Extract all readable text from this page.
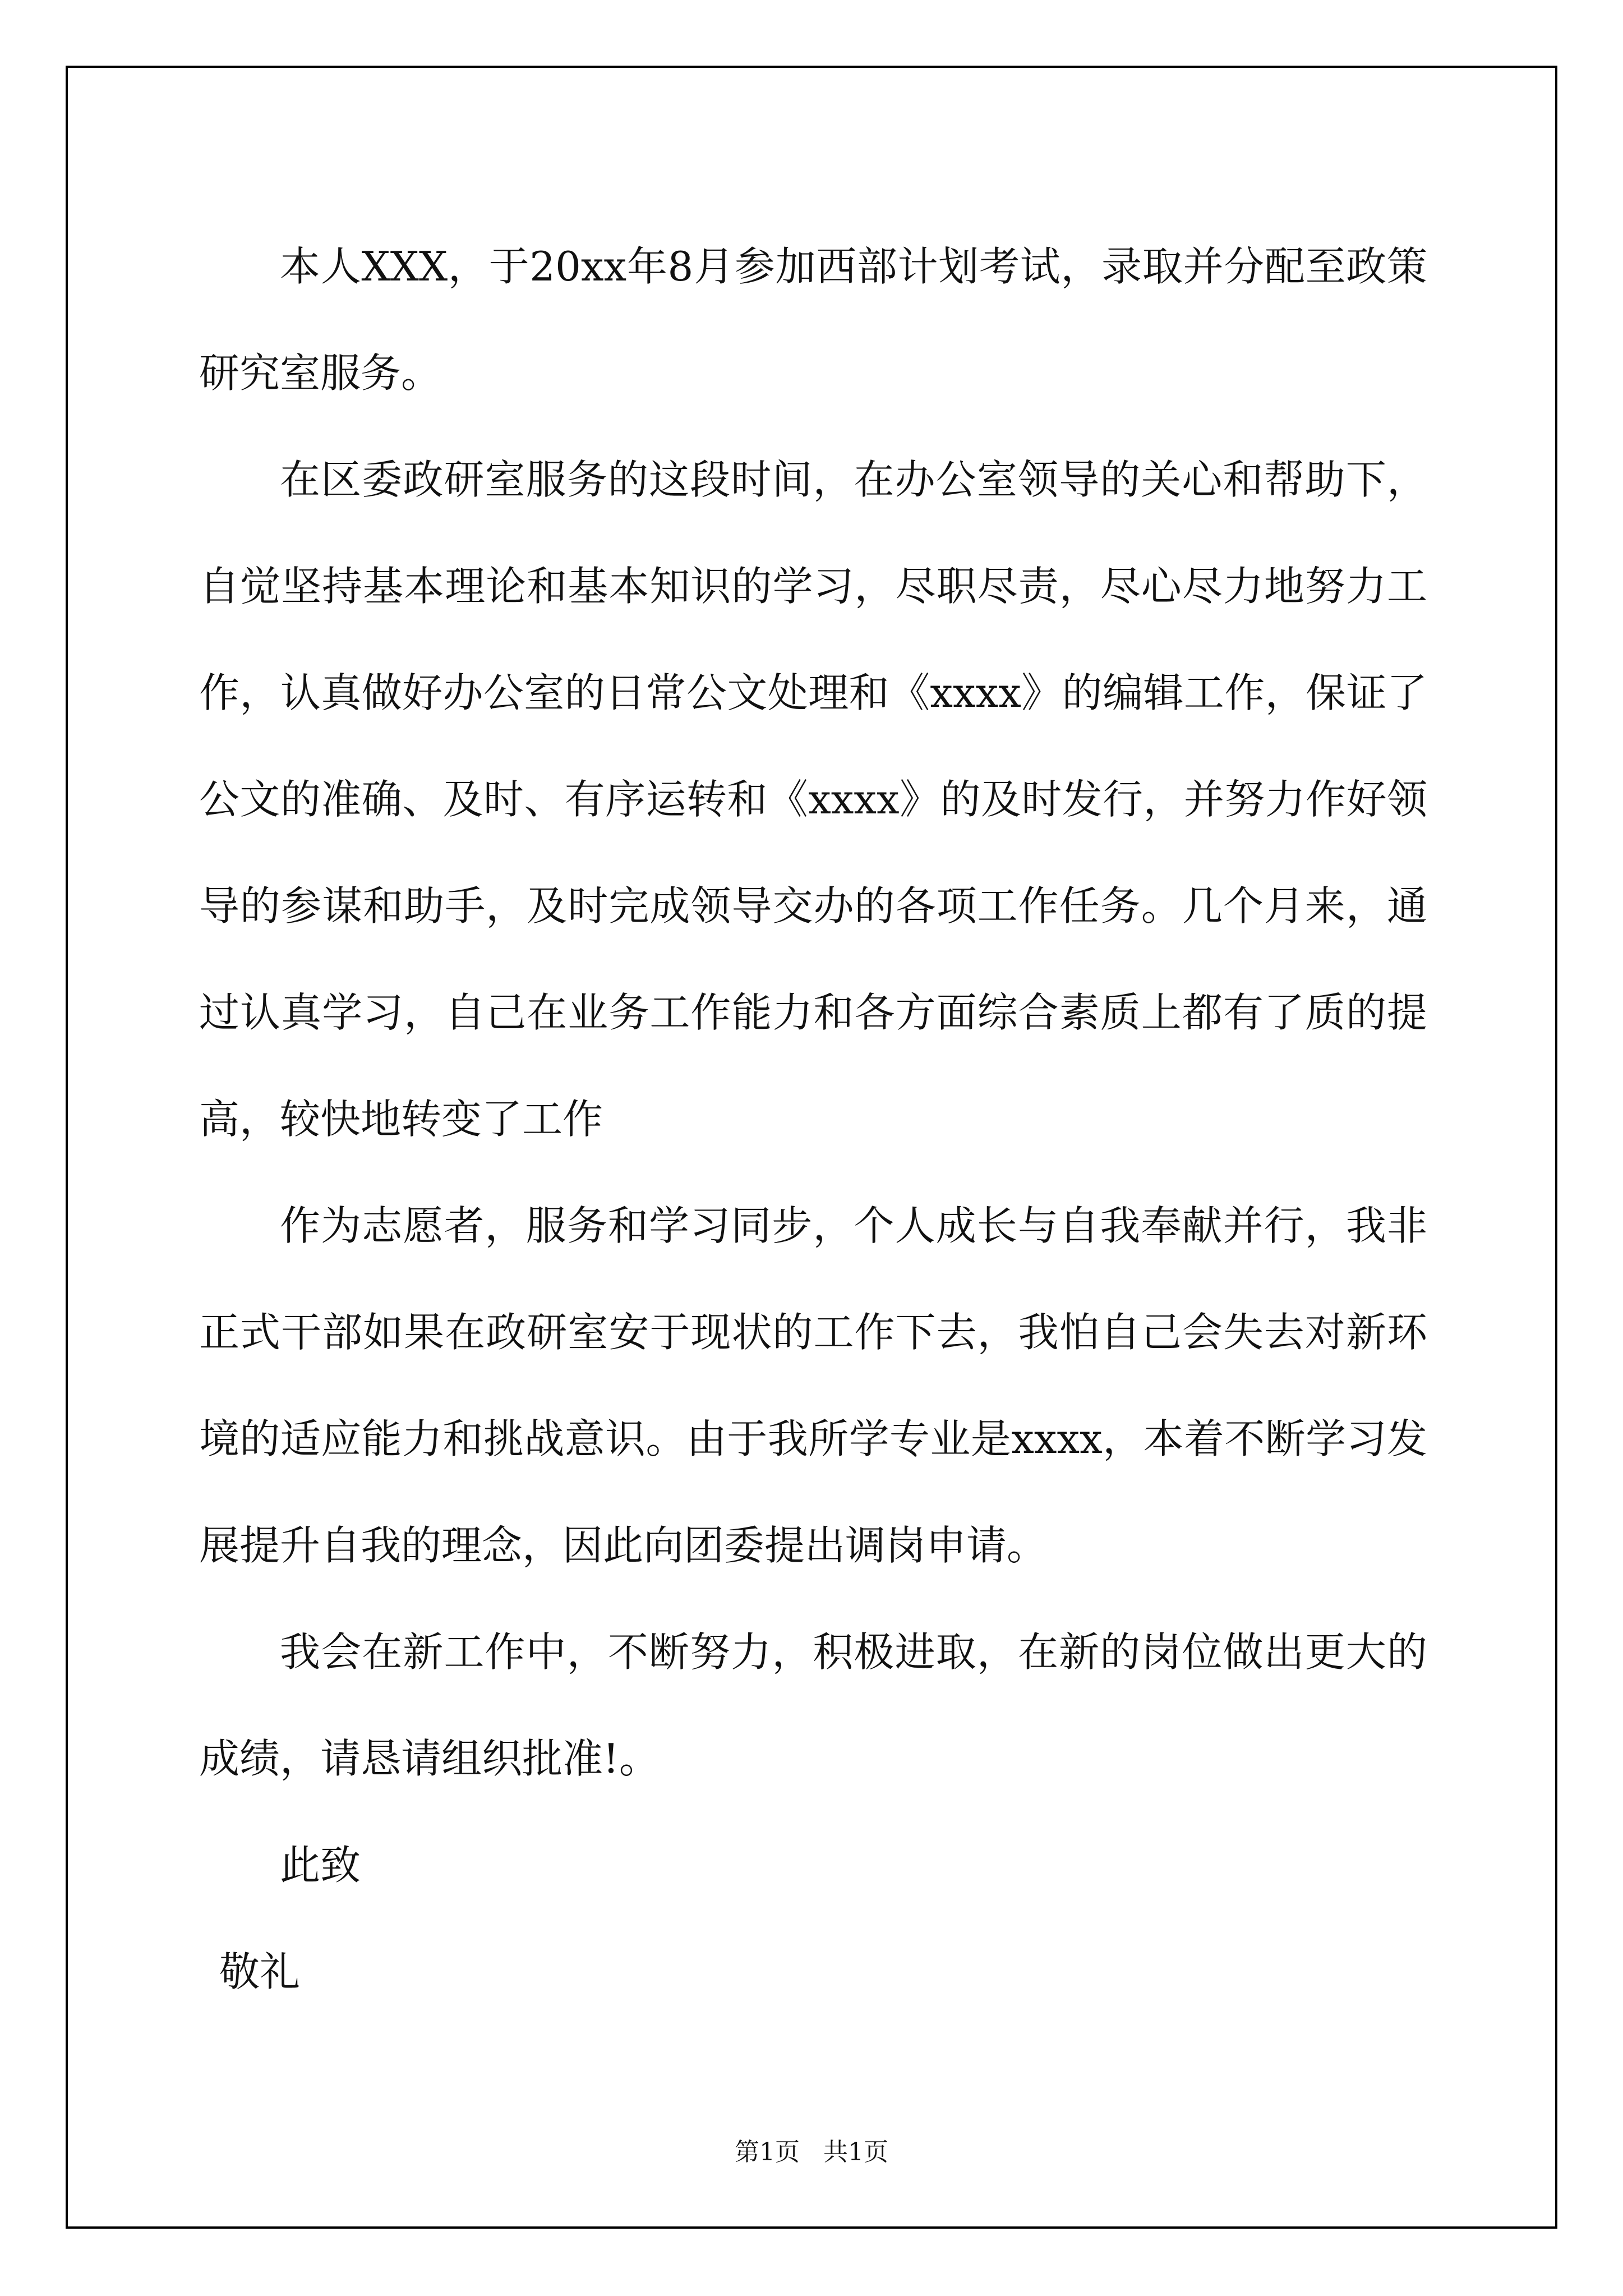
本人XXX，于20xx年8月参加西部计划考试，录取并分配至政策研究室服务。

在区委政研室服务的这段时间，在办公室领导的关心和帮助下，自觉坚持基本理论和基本知识的学习，尽职尽责，尽心尽力地努力工作，认真做好办公室的日常公文处理和《xxxx》的编辑工作，保证了公文的准确、及时、有序运转和《xxxx》的及时发行，并努力作好领导的参谋和助手，及时完成领导交办的各项工作任务。几个月来，通过认真学习，自己在业务工作能力和各方面综合素质上都有了质的提高，较快地转变了工作

作为志愿者，服务和学习同步，个人成长与自我奉献并行，我非正式干部如果在政研室安于现状的工作下去，我怕自己会失去对新环境的适应能力和挑战意识。由于我所学专业是xxxx，本着不断学习发展提升自我的理念，因此向团委提出调岗申请。

我会在新工作中，不断努力，积极进取，在新的岗位做出更大的成绩，请恳请组织批准!。

此致

敬礼

第1页   共1页
